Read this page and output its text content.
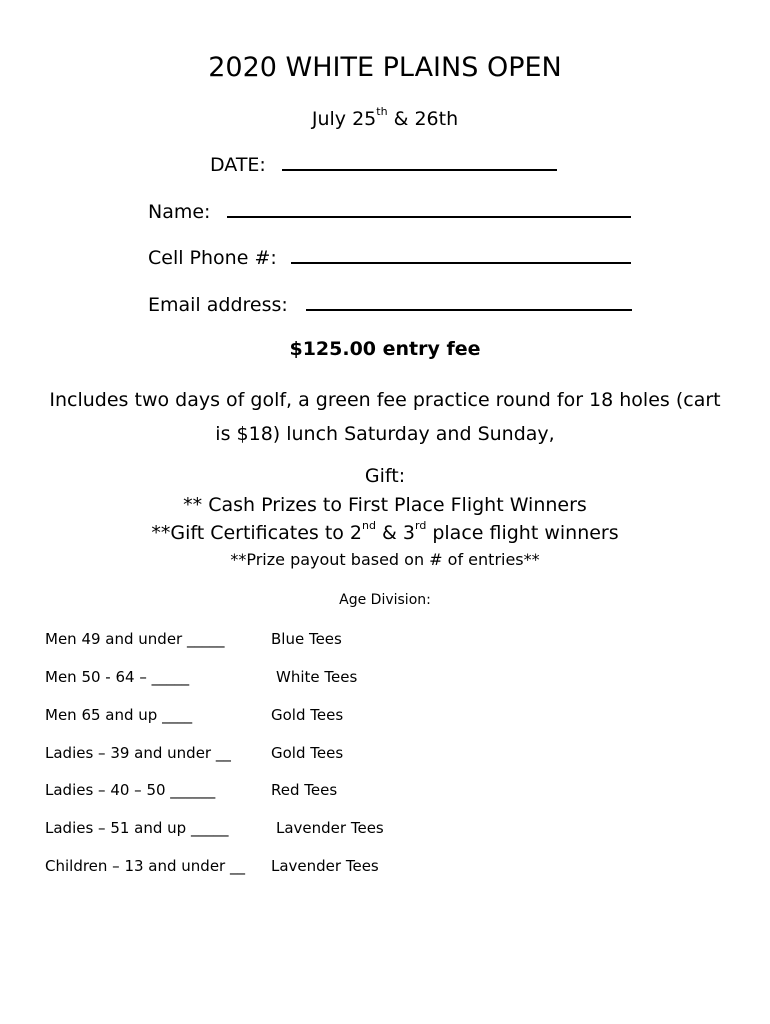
2020 WHITE PLAINS OPEN
July 25th & 26th
DATE:
Name:
Cell Phone #:
Email address:
$125.00 entry fee
Includes two days of golf, a green fee practice round for 18 holes (cart
is $18) lunch Saturday and Sunday,
Gift:
** Cash Prizes to First Place Flight Winners
**Gift Certificates to 2nd & 3rd place flight winners
**Prize payout based on # of entries**
Age Division:
Men 49 and under _____	Blue Tees
Men 50 - 64 – _____	White Tees
Men 65 and up ____	Gold Tees
Ladies – 39 and under __	Gold Tees
Ladies – 40 – 50 ______	Red Tees
Ladies – 51 and up _____	Lavender Tees
Children – 13 and under __ Lavender Tees
